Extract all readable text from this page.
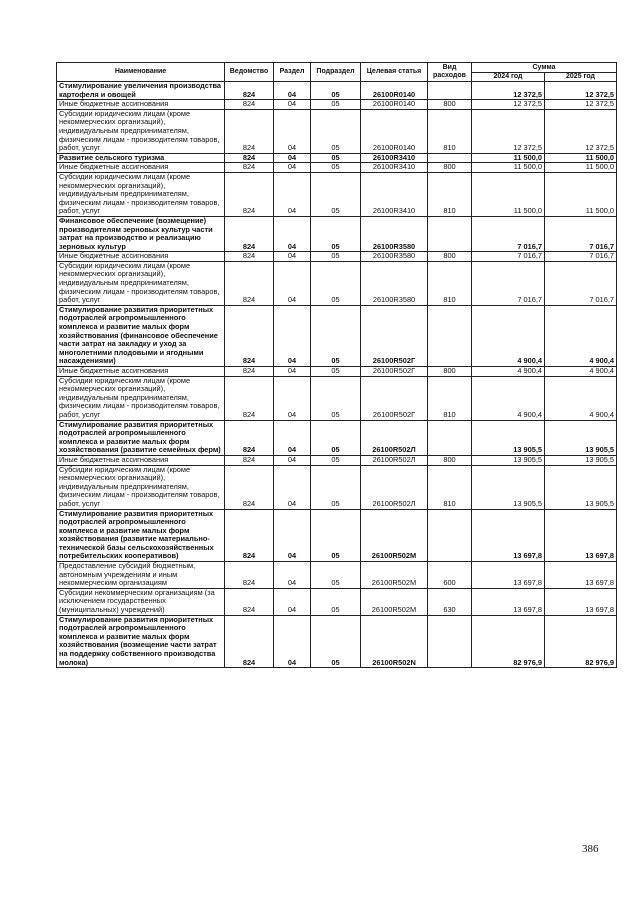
Наименование	Ведомство	Раздел	Подраздел	Целевая статья	Вид расходов	Сумма	
						2024 год	2025 год
Стимулирование увеличения производства картофеля и овощей	824	04	05	26100R0140		12 372,5	12 372,5
Иные бюджетные ассигнования	824	04	05	26100R0140	800	12 372,5	12 372,5
Субсидии юридическим лицам (кроме некоммерческих организаций), индивидуальным предпринимателям, физическим лицам - производителям товаров, работ, услуг	824	04	05	26100R0140	810	12 372,5	12 372,5
Развитие сельского туризма	824	04	05	26100R3410		11 500,0	11 500,0
Иные бюджетные ассигнования	824	04	05	26100R3410	800	11 500,0	11 500,0
Субсидии юридическим лицам (кроме некоммерческих организаций), индивидуальным предпринимателям, физическим лицам - производителям товаров, работ, услуг	824	04	05	26100R3410	810	11 500,0	11 500,0
Финансовое обеспечение (возмещение) производителям зерновых культур части затрат на производство и реализацию зерновых культур	824	04	05	26100R3580		7 016,7	7 016,7
Иные бюджетные ассигнования	824	04	05	26100R3580	800	7 016,7	7 016,7
Субсидии юридическим лицам (кроме некоммерческих организаций), индивидуальным предпринимателям, физическим лицам - производителям товаров, работ, услуг	824	04	05	26100R3580	810	7 016,7	7 016,7
Стимулирование развития приоритетных подотраслей агропромышленного комплекса и развитие малых форм хозяйствования (финансовое обеспечение части затрат на закладку и уход за многолетними плодовыми и ягодными насаждениями)	824	04	05	26100R502Г		4 900,4	4 900,4
Иные бюджетные ассигнования	824	04	05	26100R502Г	800	4 900,4	4 900,4
Субсидии юридическим лицам (кроме некоммерческих организаций), индивидуальным предпринимателям, физическим лицам - производителям товаров, работ, услуг	824	04	05	26100R502Г	810	4 900,4	4 900,4
Стимулирование развития приоритетных подотраслей агропромышленного комплекса и развитие малых форм хозяйствования (развитие семейных ферм)	824	04	05	26100R502Л		13 905,5	13 905,5
Иные бюджетные ассигнования	824	04	05	26100R502Л	800	13 905,5	13 905,5
Субсидии юридическим лицам (кроме некоммерческих организаций), индивидуальным предпринимателям, физическим лицам - производителям товаров, работ, услуг	824	04	05	26100R502Л	810	13 905,5	13 905,5
Стимулирование развития приоритетных подотраслей агропромышленного комплекса и развитие малых форм хозяйствования (развитие материально-технической базы сельскохозяйственных потребительских кооперативов)	824	04	05	26100R502M		13 697,8	13 697,8
Предоставление субсидий бюджетным, автономным учреждениям и иным некоммерческим организациям	824	04	05	26100R502M	600	13 697,8	13 697,8
Субсидии некоммерческим организациям (за исключением государственных (муниципальных) учреждений)	824	04	05	26100R502M	630	13 697,8	13 697,8
Стимулирование развития приоритетных подотраслей агропромышленного комплекса и развитие малых форм хозяйствования (возмещение части затрат на поддержку собственного производства молока)	824	04	05	26100R502N		82 976,9	82 976,9
386
